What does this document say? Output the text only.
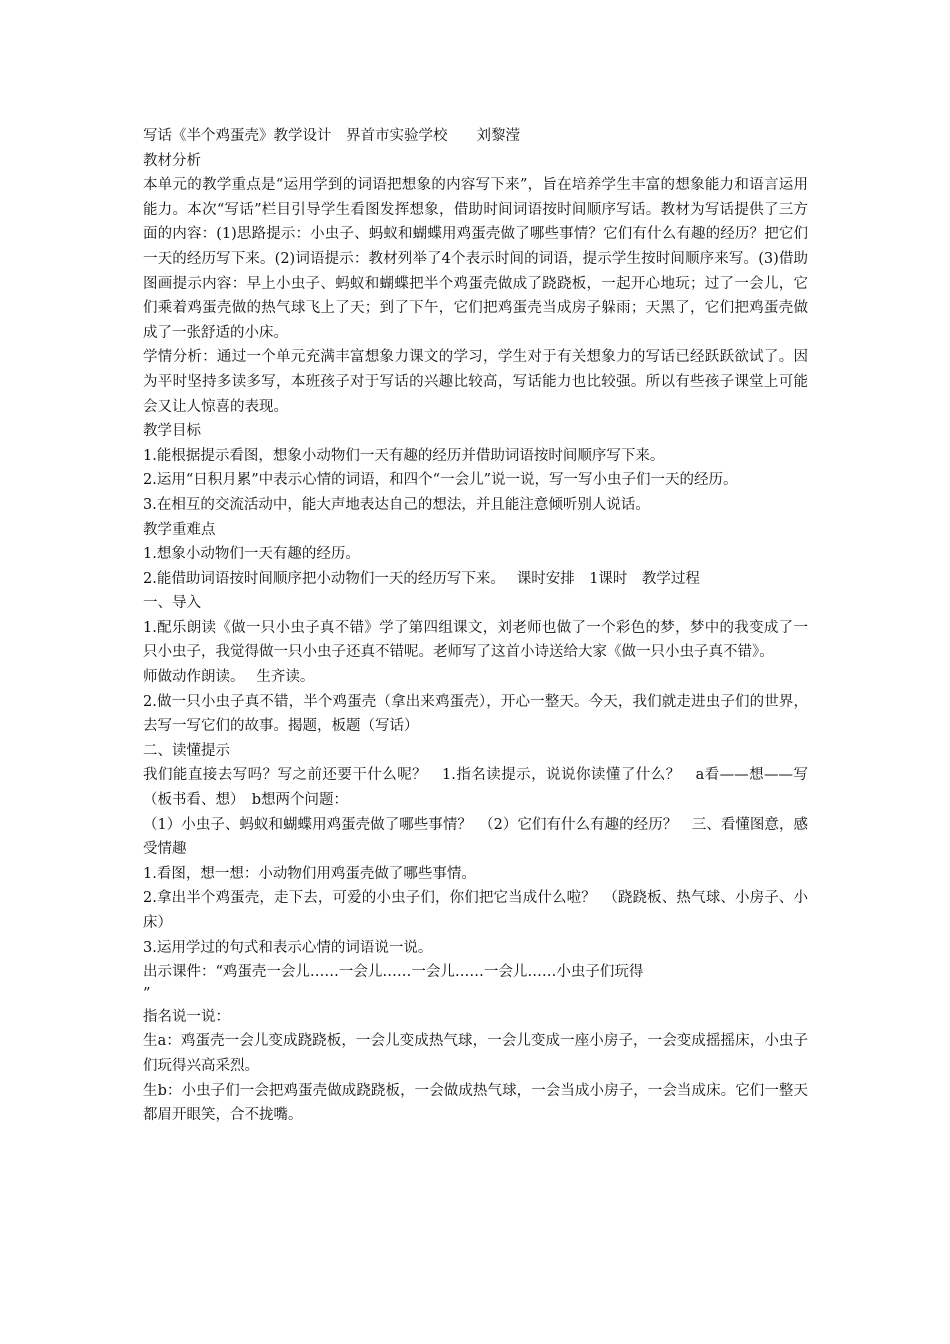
写话《半个鸡蛋壳》教学设计　界首市实验学校　　刘黎滢

教材分析

本单元的教学重点是“运用学到的词语把想象的内容写下来”，旨在培养学生丰富的想象能力和语言运用能力。本次“写话”栏目引导学生看图发挥想象，借助时间词语按时间顺序写话。教材为写话提供了三方面的内容：(1)思路提示：小虫子、蚂蚁和蝴蝶用鸡蛋壳做了哪些事情？它们有什么有趣的经历？把它们一天的经历写下来。(2)词语提示：教材列举了4个表示时间的词语，提示学生按时间顺序来写。(3)借助图画提示内容：早上小虫子、蚂蚁和蝴蝶把半个鸡蛋壳做成了跷跷板，一起开心地玩；过了一会儿，它们乘着鸡蛋壳做的热气球飞上了天；到了下午，它们把鸡蛋壳当成房子躲雨；天黑了，它们把鸡蛋壳做成了一张舒适的小床。

学情分析：通过一个单元充满丰富想象力课文的学习，学生对于有关想象力的写话已经跃跃欲试了。因为平时坚持多读多写，本班孩子对于写话的兴趣比较高，写话能力也比较强。所以有些孩子课堂上可能会又让人惊喜的表现。

教学目标

1.能根据提示看图，想象小动物们一天有趣的经历并借助词语按时间顺序写下来。

2.运用“日积月累”中表示心情的词语，和四个“一会儿”说一说，写一写小虫子们一天的经历。

3.在相互的交流活动中，能大声地表达自己的想法，并且能注意倾听别人说话。

教学重难点

1.想象小动物们一天有趣的经历。

2.能借助词语按时间顺序把小动物们一天的经历写下来。　 课时安排　1课时　教学过程

一、导入

1.配乐朗读《做一只小虫子真不错》学了第四组课文，刘老师也做了一个彩色的梦，梦中的我变成了一只小虫子，我觉得做一只小虫子还真不错呢。老师写了这首小诗送给大家《做一只小虫子真不错》。

师做动作朗读。　 生齐读。

2.做一只小虫子真不错，半个鸡蛋壳（拿出来鸡蛋壳），开心一整天。今天，我们就走进虫子们的世界，去写一写它们的故事。揭题，板题（写话）

二、读懂提示

我们能直接去写吗？写之前还要干什么呢？　1.指名读提示，说说你读懂了什么？　a看——想——写（板书看、想）　b想两个问题：

（1）小虫子、蚂蚁和蝴蝶用鸡蛋壳做了哪些事情？　（2）它们有什么有趣的经历？　三、看懂图意，感受情趣

1.看图，想一想：小动物们用鸡蛋壳做了哪些事情。

2.拿出半个鸡蛋壳，走下去，可爱的小虫子们，你们把它当成什么啦？　（跷跷板、热气球、小房子、小床）

3.运用学过的句式和表示心情的词语说一说。

出示课件：“鸡蛋壳一会儿……一会儿……一会儿……一会儿……小虫子们玩得

”

指名说一说：

生a：鸡蛋壳一会儿变成跷跷板，一会儿变成热气球，一会儿变成一座小房子，一会变成摇摇床，小虫子们玩得兴高采烈。

生b：小虫子们一会把鸡蛋壳做成跷跷板，一会做成热气球，一会当成小房子，一会当成床。它们一整天都眉开眼笑，合不拢嘴。
